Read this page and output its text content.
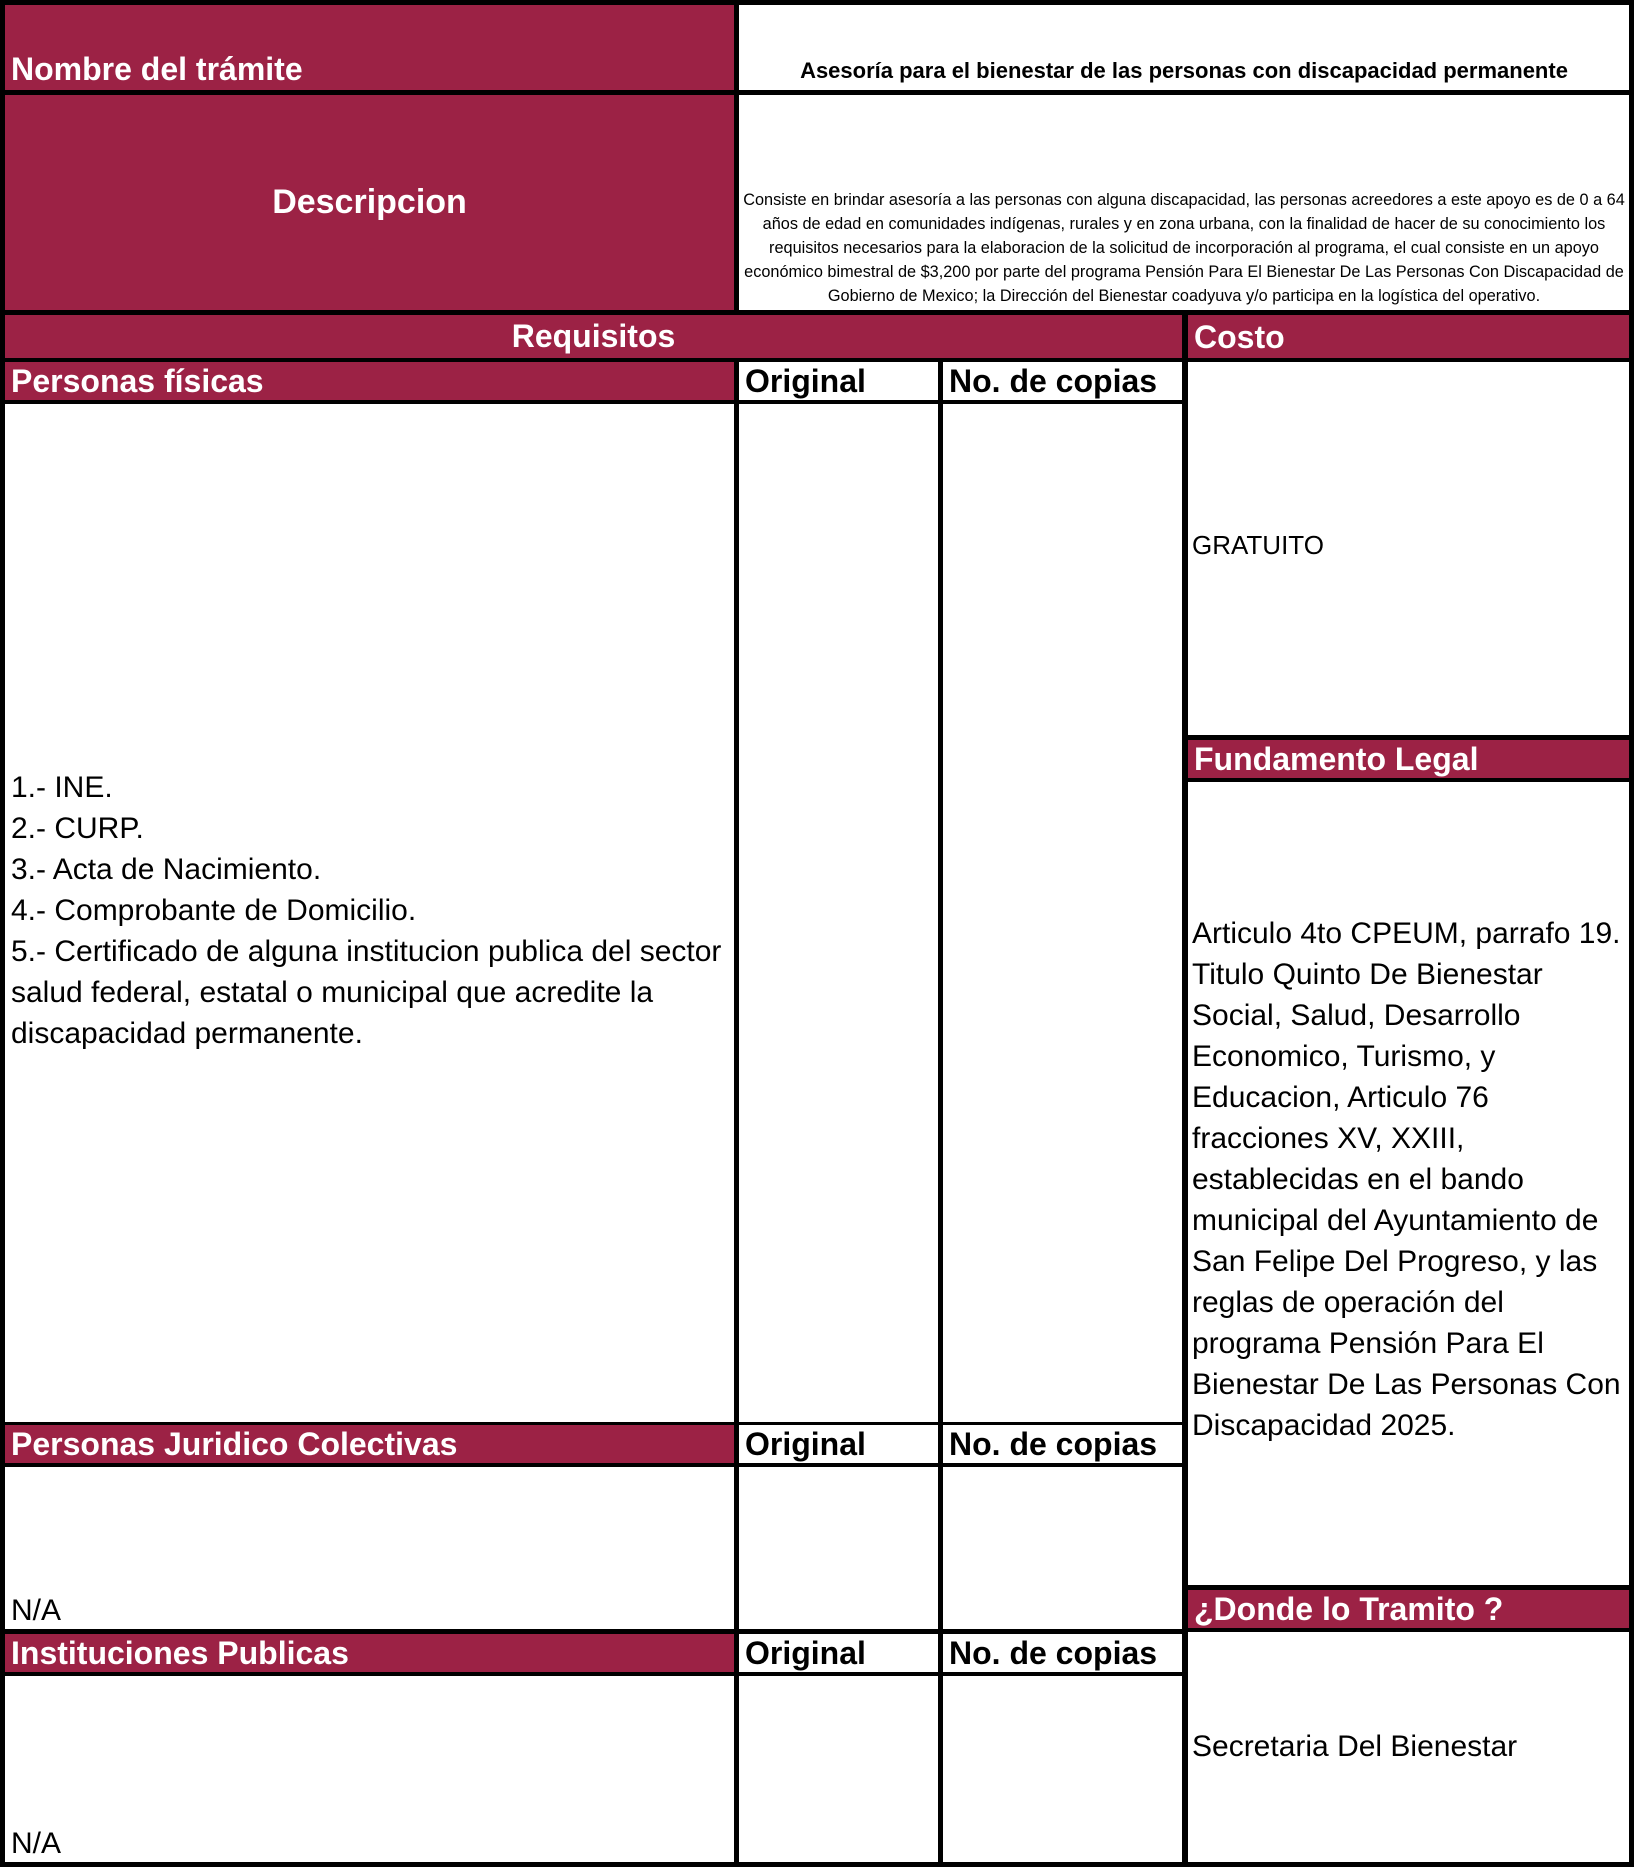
Nombre del trámite	Asesoría para el bienestar de las personas con discapacidad permanente
Descripcion	Consiste en brindar asesoría a las personas con alguna discapacidad, las personas acreedores a este apoyo es de 0 a 64 años de edad en comunidades indígenas, rurales y en zona urbana, con la finalidad de hacer de su conocimiento los requisitos necesarios para la elaboracion de la solicitud de incorporación al programa, el cual consiste en un apoyo económico bimestral de $3,200 por parte del programa Pensión Para El Bienestar De Las Personas Con Discapacidad de Gobierno de Mexico; la Dirección del Bienestar coadyuva y/o participa en la logística del operativo.
Requisitos	Costo
Personas físicas	Original	No. de copias
1.- INE.
2.- CURP.
3.- Acta de Nacimiento.
4.- Comprobante de Domicilio.
5.- Certificado de alguna institucion publica del sector salud federal, estatal o municipal que acredite la discapacidad permanente.
Personas Juridico Colectivas	Original	No. de copias
N/A
Instituciones Publicas	Original	No. de copias
N/A
GRATUITO
Fundamento Legal
Articulo 4to CPEUM, parrafo 19. Titulo Quinto De Bienestar Social, Salud, Desarrollo Economico, Turismo, y Educacion, Articulo 76 fracciones XV, XXIII, establecidas en el bando municipal del Ayuntamiento de San Felipe Del Progreso, y las reglas de operación del programa Pensión Para El Bienestar De Las Personas Con Discapacidad 2025.
¿Donde lo Tramito ?
Secretaria Del Bienestar
